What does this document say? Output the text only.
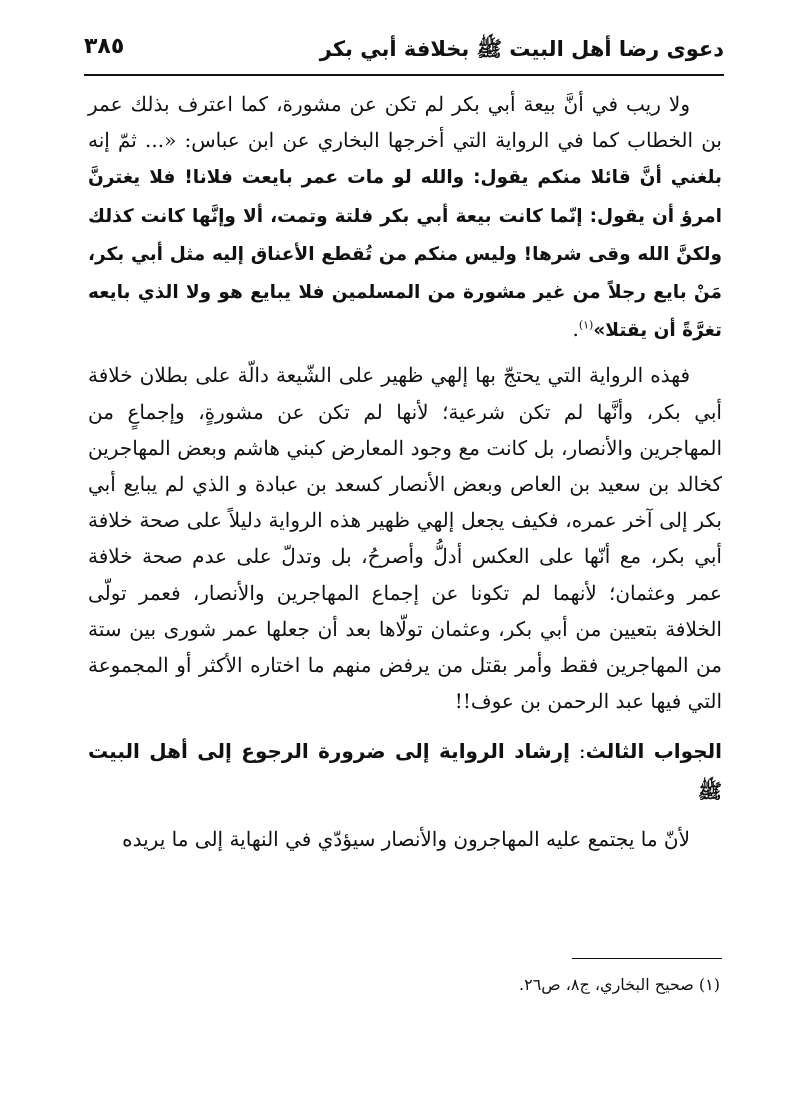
دعوى رضا أهل البيت ﷺ بخلافة أبي بكر
٣٨٥

ولا ريب في أنَّ بيعة أبي بكر لم تكن عن مشورة، كما اعترف بذلك عمر بن الخطاب كما في الرواية التي أخرجها البخاري عن ابن عباس: «... ثمّ إنه بلغني أنَّ قائلا منكم يقول: والله لو مات عمر بايعت فلانا! فلا يغترنَّ امرؤ أن يقول: إنّما كانت بيعة أبي بكر فلتة وتمت، ألا وإنَّها كانت كذلك ولكنَّ الله وقى شرها! وليس منكم من تُقطع الأعناق إليه مثل أبي بكر، مَنْ بايع رجلاً من غير مشورة من المسلمين فلا يبايع هو ولا الذي بايعه تغرَّةً أن يقتلا»$^{(١)}$.

فهذه الرواية التي يحتجّ بها إلهي ظهير على الشّيعة دالّة على بطلان خلافة أبي بكر، وأنَّها لم تكن شرعية؛ لأنها لم تكن عن مشورةٍ، وإجماعٍ من المهاجرين والأنصار، بل كانت مع وجود المعارض كبني هاشم وبعض المهاجرين كخالد بن سعيد بن العاص وبعض الأنصار كسعد بن عبادة و الذي لم يبايع أبي بكر إلى آخر عمره، فكيف يجعل إلهي ظهير هذه الرواية دليلاً على صحة خلافة أبي بكر، مع أنّها على العكس أدلُّ وأصرحُ، بل وتدلّ على عدم صحة خلافة عمر وعثمان؛ لأنهما لم تكونا عن إجماع المهاجرين والأنصار، فعمر تولّى الخلافة بتعيين من أبي بكر، وعثمان تولّاها بعد أن جعلها عمر شورى بين ستة من المهاجرين فقط وأمر بقتل من يرفض منهم ما اختاره الأكثر أو المجموعة التي فيها عبد الرحمن بن عوف!!

الجواب الثالث: إرشاد الرواية إلى ضرورة الرجوع إلى أهل البيت ﷺ

لأنّ ما يجتمع عليه المهاجرون والأنصار سيؤدّي في النهاية إلى ما يريده

(١) صحيح البخاري، ج٨، ص٢٦.
